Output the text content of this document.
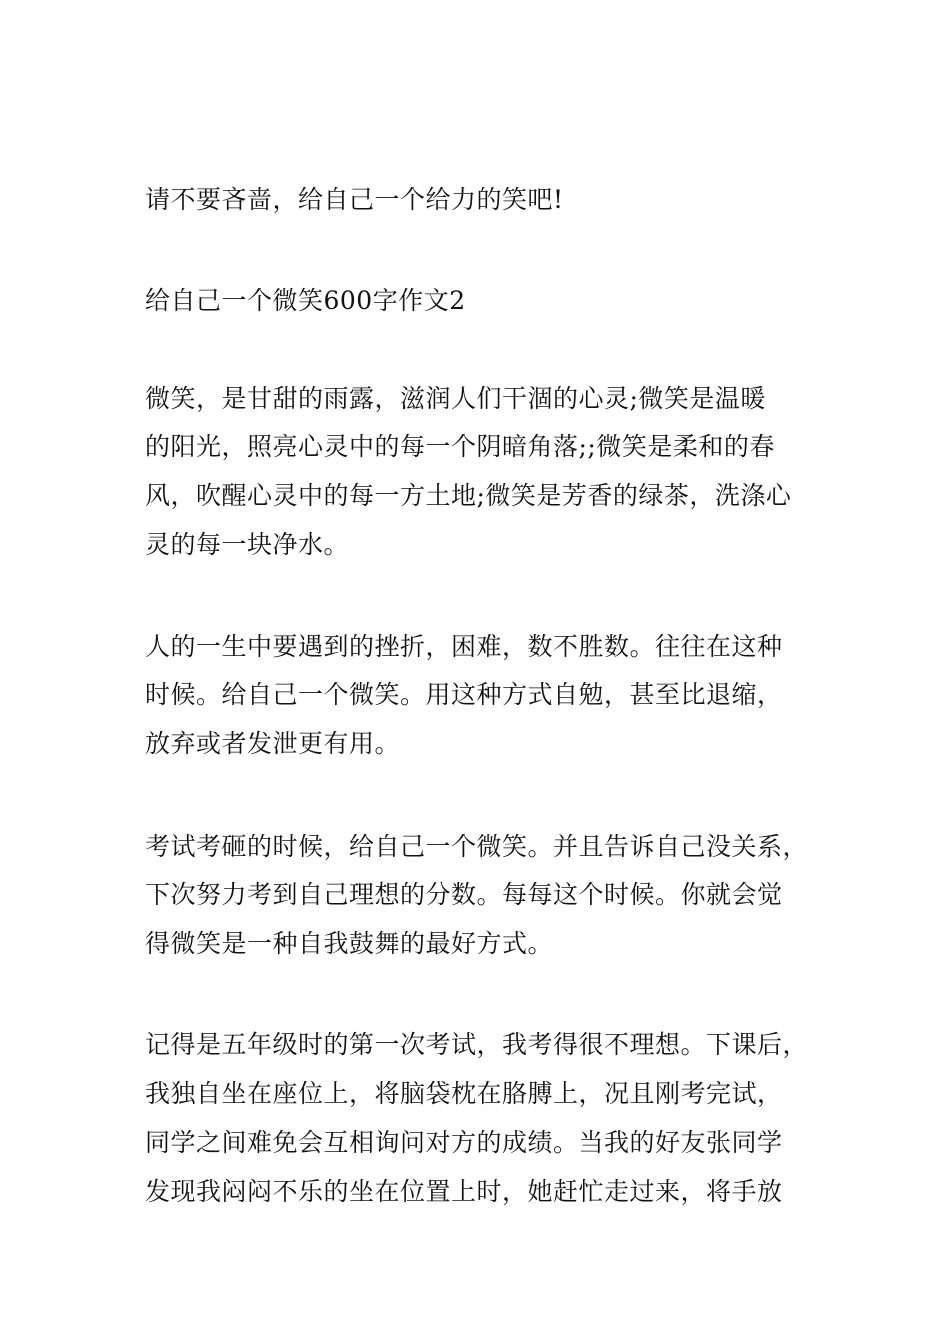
请不要吝啬，给自己一个给力的笑吧!
给自己一个微笑600字作文2
微笑，是甘甜的雨露，滋润人们干涸的心灵;微笑是温暖
的阳光，照亮心灵中的每一个阴暗角落;;微笑是柔和的春
风，吹醒心灵中的每一方土地;微笑是芳香的绿茶，洗涤心
灵的每一块净水。
人的一生中要遇到的挫折，困难，数不胜数。往往在这种
时候。给自己一个微笑。用这种方式自勉，甚至比退缩，
放弃或者发泄更有用。
考试考砸的时候，给自己一个微笑。并且告诉自己没关系，
下次努力考到自己理想的分数。每每这个时候。你就会觉
得微笑是一种自我鼓舞的最好方式。
记得是五年级时的第一次考试，我考得很不理想。下课后，
我独自坐在座位上，将脑袋枕在胳膊上，况且刚考完试，
同学之间难免会互相询问对方的成绩。当我的好友张同学
发现我闷闷不乐的坐在位置上时，她赶忙走过来，将手放
